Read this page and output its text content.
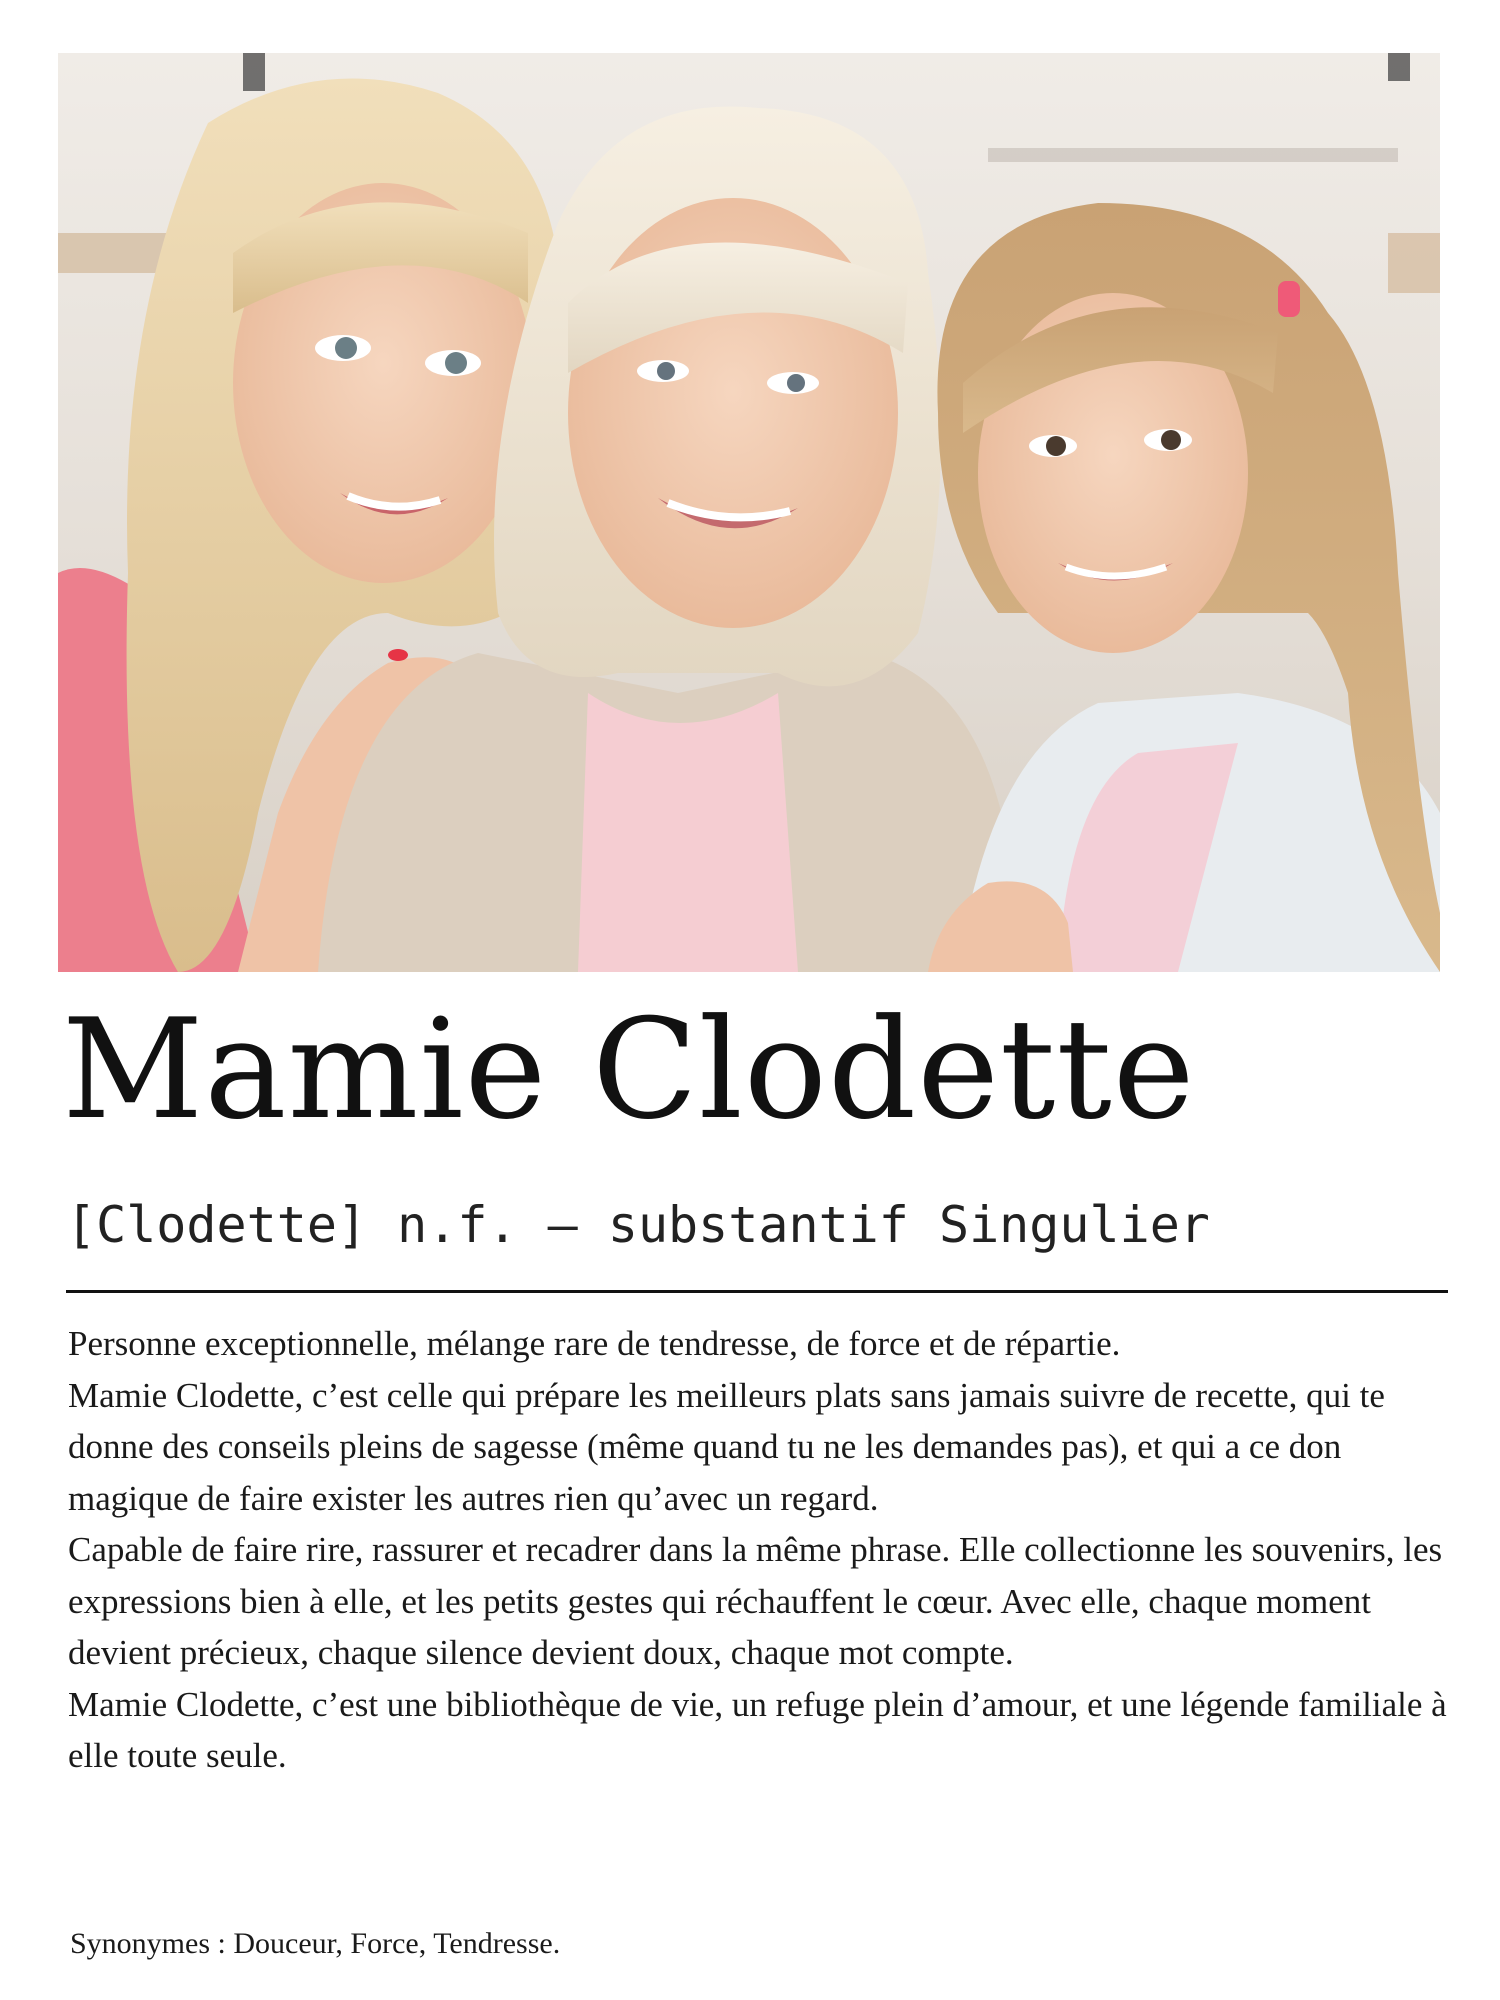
Mamie Clodette
[Clodette] n.f. — substantif Singulier

Personne exceptionnelle, mélange rare de tendresse, de force et de répartie.

Mamie Clodette, c’est celle qui prépare les meilleurs plats sans jamais suivre de recette, qui te donne des conseils pleins de sagesse (même quand tu ne les demandes pas), et qui a ce don magique de faire exister les autres rien qu’avec un regard.

Capable de faire rire, rassurer et recadrer dans la même phrase. Elle collectionne les souvenirs, les expressions bien à elle, et les petits gestes qui réchauffent le cœur. Avec elle, chaque moment devient précieux, chaque silence devient doux, chaque mot compte.

Mamie Clodette, c’est une bibliothèque de vie, un refuge plein d’amour, et une légende familiale à elle toute seule.

Synonymes : Douceur, Force, Tendresse.
